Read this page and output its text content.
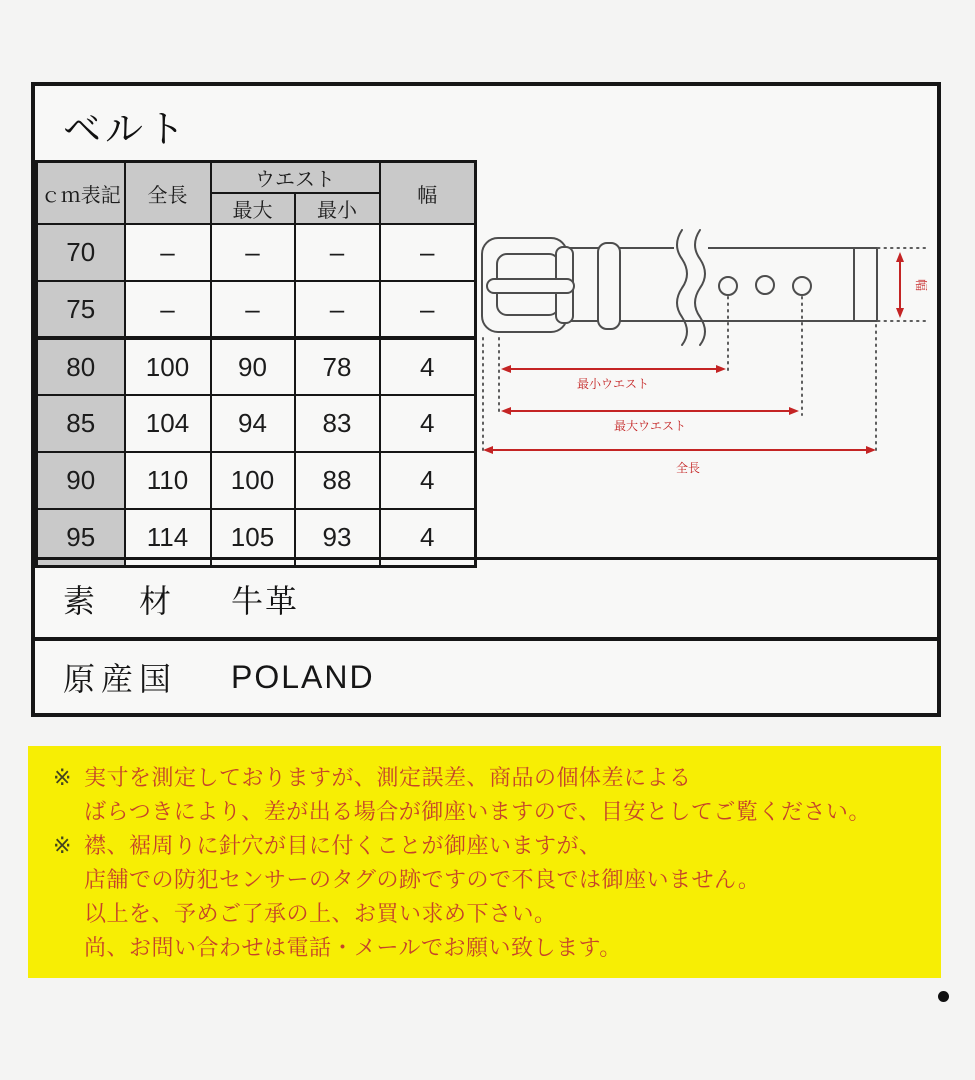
ベルト
ｃｍ表記	全長	ウエスト		幅
		最大	最小	
70	–	–	–	–
75	–	–	–	–
80	100	90	78	4
85	104	94	83	4
90	110	100	88	4
95	114	105	93	4
最小ウエスト
最大ウエスト
全長
幅
素　材 牛革
原産国 POLAND
※ 実寸を測定しておりますが、測定誤差、商品の個体差による
ばらつきにより、差が出る場合が御座いますので、目安としてご覧ください。
※ 襟、裾周りに針穴が目に付くことが御座いますが、
店舗での防犯センサーのタグの跡ですので不良では御座いません。
以上を、予めご了承の上、お買い求め下さい。
尚、お問い合わせは電話・メールでお願い致します。
